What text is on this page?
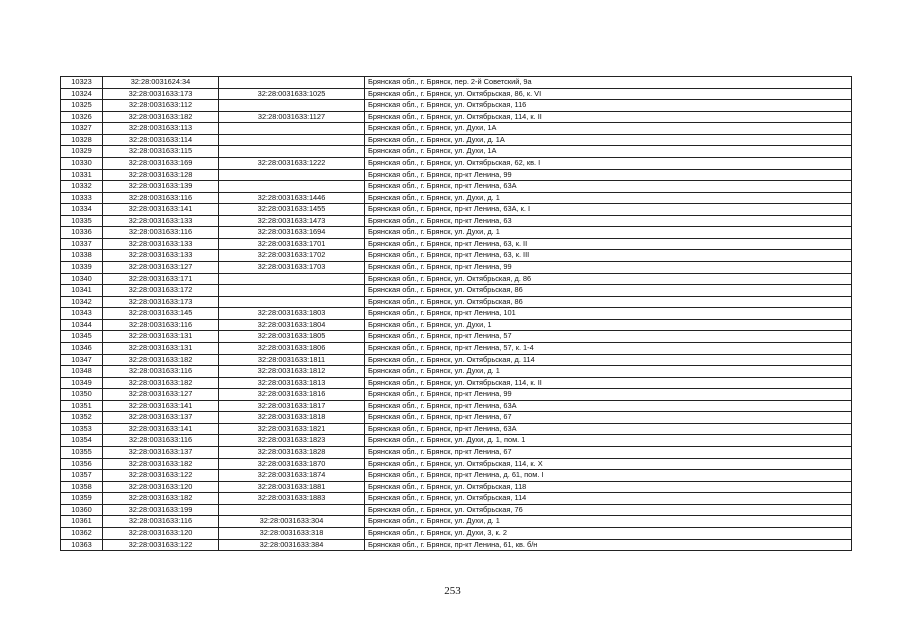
10323	32:28:0031624:34		Брянская обл., г. Брянск, пер. 2-й Советский, 9а
10324	32:28:0031633:173	32:28:0031633:1025	Брянская обл., г. Брянск, ул. Октябрьская, 86, к. VI
10325	32:28:0031633:112		Брянская обл., г. Брянск, ул. Октябрьская, 116
10326	32:28:0031633:182	32:28:0031633:1127	Брянская обл., г. Брянск, ул. Октябрьская, 114, к. II
10327	32:28:0031633:113		Брянская обл., г. Брянск, ул. Духи, 1А
10328	32:28:0031633:114		Брянская обл., г. Брянск, ул. Духи, д. 1А
10329	32:28:0031633:115		Брянская обл., г. Брянск, ул. Духи, 1А
10330	32:28:0031633:169	32:28:0031633:1222	Брянская обл., г. Брянск, ул. Октябрьская, 62, кв. I
10331	32:28:0031633:128		Брянская обл., г. Брянск, пр-кт Ленина, 99
10332	32:28:0031633:139		Брянская обл., г. Брянск, пр-кт Ленина, 63А
10333	32:28:0031633:116	32:28:0031633:1446	Брянская обл., г. Брянск, ул. Духи, д. 1
10334	32:28:0031633:141	32:28:0031633:1455	Брянская обл., г. Брянск, пр-кт Ленина, 63А, к. I
10335	32:28:0031633:133	32:28:0031633:1473	Брянская обл., г. Брянск, пр-кт Ленина, 63
10336	32:28:0031633:116	32:28:0031633:1694	Брянская обл., г. Брянск, ул. Духи, д. 1
10337	32:28:0031633:133	32:28:0031633:1701	Брянская обл., г. Брянск, пр-кт Ленина, 63, к. II
10338	32:28:0031633:133	32:28:0031633:1702	Брянская обл., г. Брянск, пр-кт Ленина, 63, к. III
10339	32:28:0031633:127	32:28:0031633:1703	Брянская обл., г. Брянск, пр-кт Ленина, 99
10340	32:28:0031633:171		Брянская обл., г. Брянск, ул. Октябрьская, д. 86
10341	32:28:0031633:172		Брянская обл., г. Брянск, ул. Октябрьская, 86
10342	32:28:0031633:173		Брянская обл., г. Брянск, ул. Октябрьская, 86
10343	32:28:0031633:145	32:28:0031633:1803	Брянская обл., г. Брянск, пр-кт Ленина, 101
10344	32:28:0031633:116	32:28:0031633:1804	Брянская обл., г. Брянск, ул. Духи, 1
10345	32:28:0031633:131	32:28:0031633:1805	Брянская обл., г. Брянск, пр-кт Ленина, 57
10346	32:28:0031633:131	32:28:0031633:1806	Брянская обл., г. Брянск, пр-кт Ленина, 57, к. 1-4
10347	32:28:0031633:182	32:28:0031633:1811	Брянская обл., г. Брянск, ул. Октябрьская, д. 114
10348	32:28:0031633:116	32:28:0031633:1812	Брянская обл., г. Брянск, ул. Духи, д. 1
10349	32:28:0031633:182	32:28:0031633:1813	Брянская обл., г. Брянск, ул. Октябрьская, 114, к. II
10350	32:28:0031633:127	32:28:0031633:1816	Брянская обл., г. Брянск, пр-кт Ленина, 99
10351	32:28:0031633:141	32:28:0031633:1817	Брянская обл., г. Брянск, пр-кт Ленина, 63А
10352	32:28:0031633:137	32:28:0031633:1818	Брянская обл., г. Брянск, пр-кт Ленина, 67
10353	32:28:0031633:141	32:28:0031633:1821	Брянская обл., г. Брянск, пр-кт Ленина, 63А
10354	32:28:0031633:116	32:28:0031633:1823	Брянская обл., г. Брянск, ул. Духи, д. 1, пом. 1
10355	32:28:0031633:137	32:28:0031633:1828	Брянская обл., г. Брянск, пр-кт Ленина, 67
10356	32:28:0031633:182	32:28:0031633:1870	Брянская обл., г. Брянск, ул. Октябрьская, 114, к. X
10357	32:28:0031633:122	32:28:0031633:1874	Брянская обл., г. Брянск, пр-кт Ленина, д. 61, пом. I
10358	32:28:0031633:120	32:28:0031633:1881	Брянская обл., г. Брянск, ул. Октябрьская, 118
10359	32:28:0031633:182	32:28:0031633:1883	Брянская обл., г. Брянск, ул. Октябрьская, 114
10360	32:28:0031633:199		Брянская обл., г. Брянск, ул. Октябрьская, 76
10361	32:28:0031633:116	32:28:0031633:304	Брянская обл., г. Брянск, ул. Духи, д. 1
10362	32:28:0031633:120	32:28:0031633:318	Брянская обл., г. Брянск, ул. Духи, 3, к. 2
10363	32:28:0031633:122	32:28:0031633:384	Брянская обл., г. Брянск, пр-кт Ленина, 61, кв. б/н
253
